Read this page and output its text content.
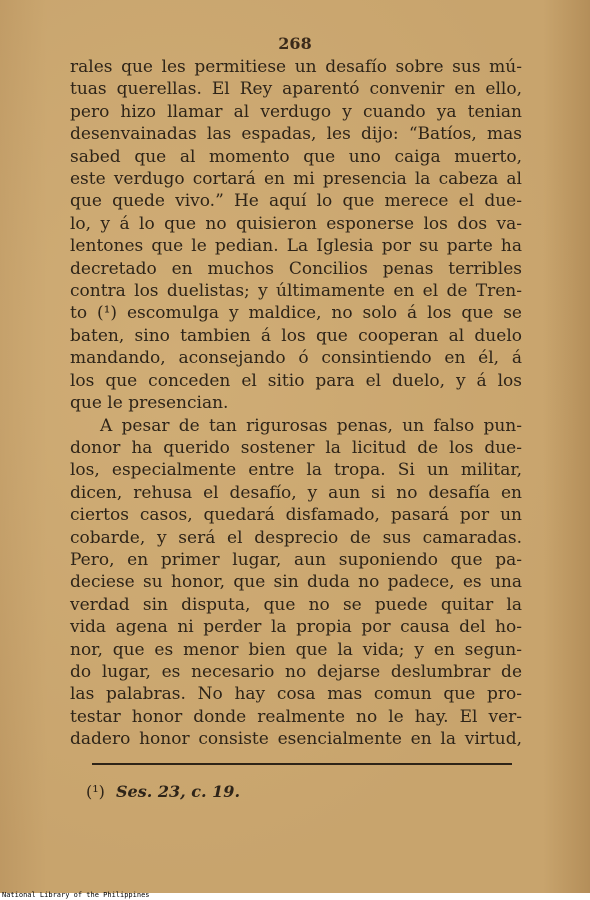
268
rales que les permitiese un desafío sobre sus mú-
tuas querellas. El Rey aparentó convenir en ello,
pero hizo llamar al verdugo y cuando ya tenian
desenvainadas las espadas, les dijo: “Batíos, mas
sabed que al momento que uno caiga muerto,
este verdugo cortará en mi presencia la cabeza al
que quede vivo.” He aquí lo que merece el due-
lo, y á lo que no quisieron esponerse los dos va-
lentones que le pedian. La Iglesia por su parte ha
decretado en muchos Concilios penas terribles
contra los duelistas; y últimamente en el de Tren-
to (¹) escomulga y maldice, no solo á los que se
baten, sino tambien á los que cooperan al duelo
mandando, aconsejando ó consintiendo en él, á
los que conceden el sitio para el duelo, y á los
que le presencian.
A pesar de tan rigurosas penas, un falso pun-
donor ha querido sostener la licitud de los due-
los, especialmente entre la tropa. Si un militar,
dicen, rehusa el desafío, y aun si no desafía en
ciertos casos, quedará disfamado, pasará por un
cobarde, y será el desprecio de sus camaradas.
Pero, en primer lugar, aun suponiendo que pa-
deciese su honor, que sin duda no padece, es una
verdad sin disputa, que no se puede quitar la
vida agena ni perder la propia por causa del ho-
nor, que es menor bien que la vida; y en segun-
do lugar, es necesario no dejarse deslumbrar de
las palabras. No hay cosa mas comun que pro-
testar honor donde realmente no le hay. El ver-
dadero honor consiste esencialmente en la virtud,
(¹) Ses. 23, c. 19.
National Library of the Philippines
